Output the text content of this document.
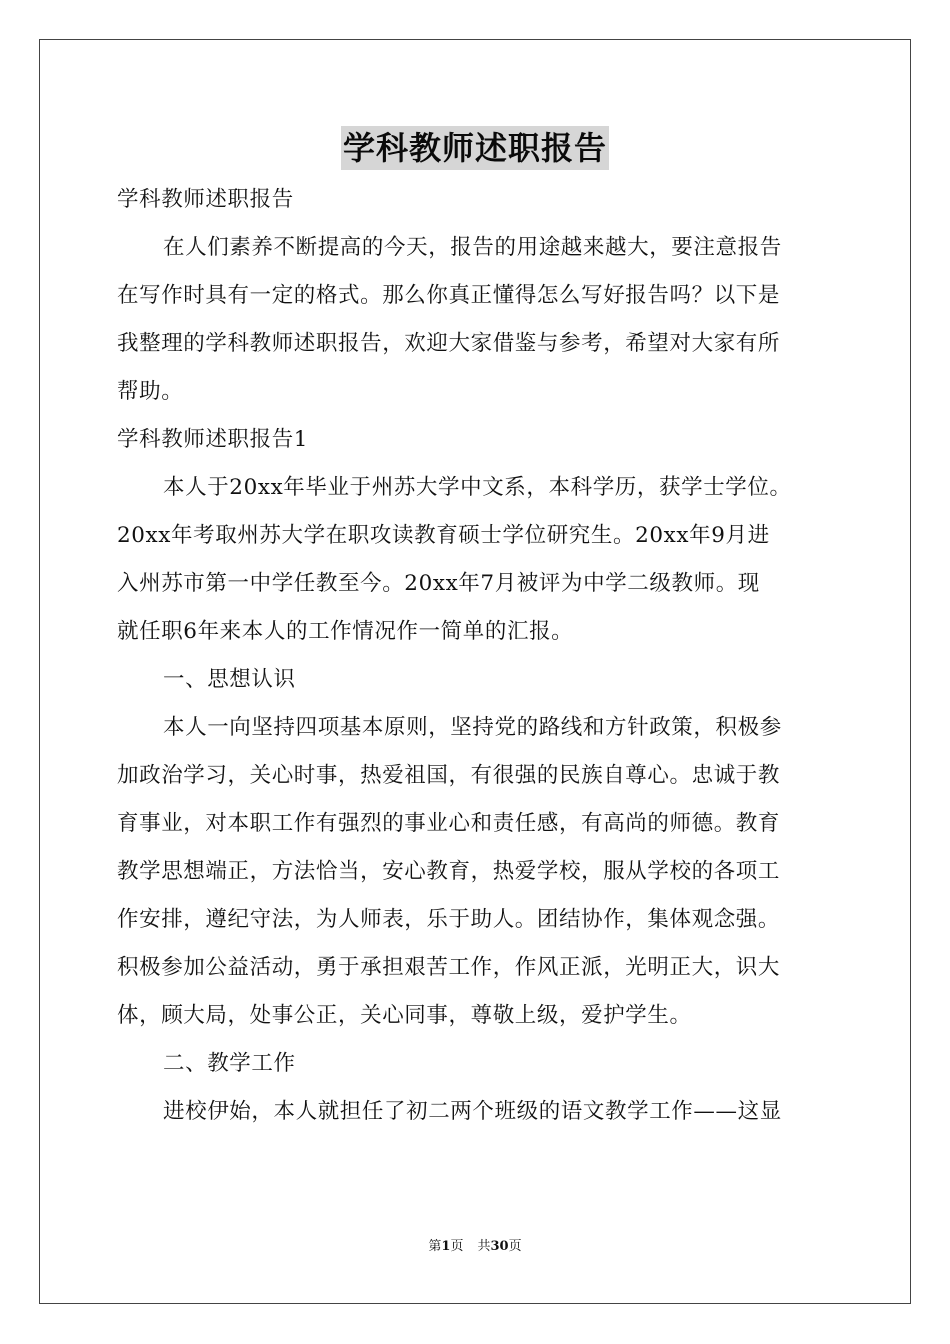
学科教师述职报告
学科教师述职报告
在人们素养不断提高的今天，报告的用途越来越大，要注意报告
在写作时具有一定的格式。那么你真正懂得怎么写好报告吗？以下是
我整理的学科教师述职报告，欢迎大家借鉴与参考，希望对大家有所
帮助。
学科教师述职报告1
本人于20xx年毕业于州苏大学中文系，本科学历，获学士学位。
20xx年考取州苏大学在职攻读教育硕士学位研究生。20xx年9月进
入州苏市第一中学任教至今。20xx年7月被评为中学二级教师。现
就任职6年来本人的工作情况作一简单的汇报。
一、思想认识
本人一向坚持四项基本原则，坚持党的路线和方针政策，积极参
加政治学习，关心时事，热爱祖国，有很强的民族自尊心。忠诚于教
育事业，对本职工作有强烈的事业心和责任感，有高尚的师德。教育
教学思想端正，方法恰当，安心教育，热爱学校，服从学校的各项工
作安排，遵纪守法，为人师表，乐于助人。团结协作，集体观念强。
积极参加公益活动，勇于承担艰苦工作，作风正派，光明正大，识大
体，顾大局，处事公正，关心同事，尊敬上级，爱护学生。
二、教学工作
进校伊始，本人就担任了初二两个班级的语文教学工作——这显
第1页 共30页
